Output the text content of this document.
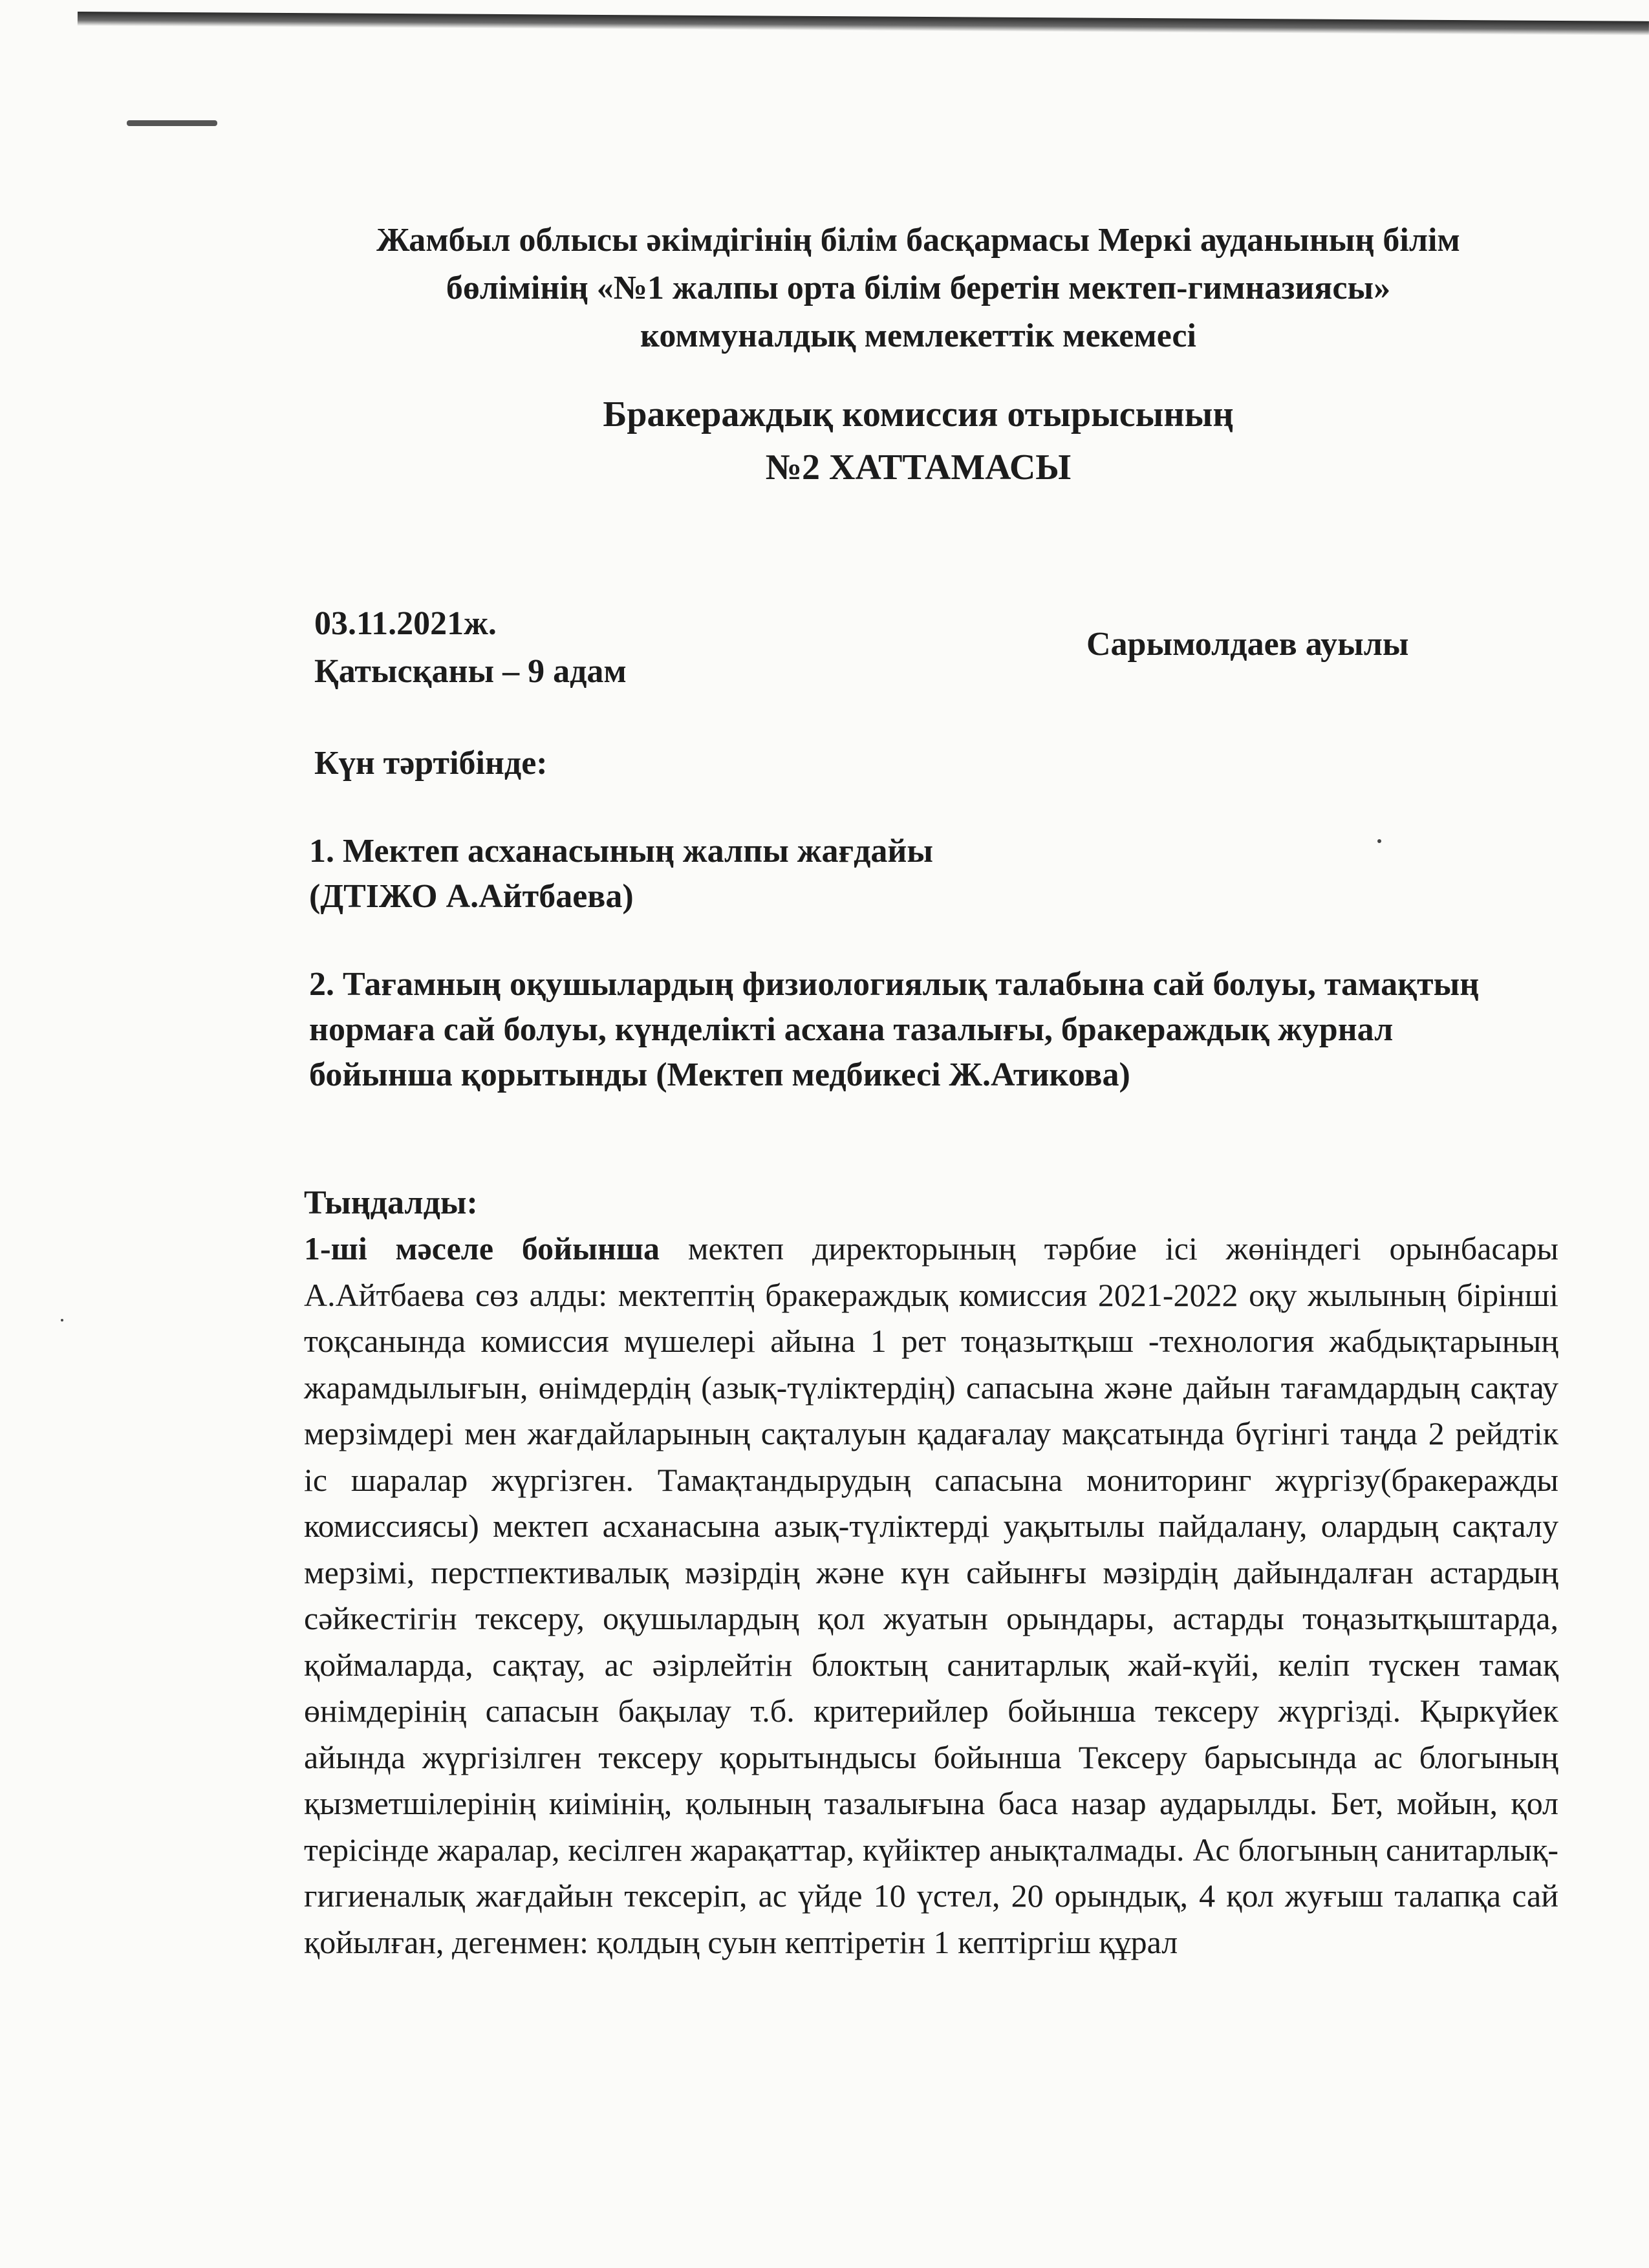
Жамбыл облысы әкімдігінің білім басқармасы Меркі ауданының білім
бөлімінің «№1 жалпы орта білім беретін мектеп-гимназиясы»
коммуналдық мемлекеттік мекемесі
Бракераждық комиссия отырысының
№2 ХАТТАМАСЫ
03.11.2021ж.
Сарымолдаев ауылы
Қатысқаны – 9 адам
Күн тәртібінде:
1. Мектеп асханасының жалпы жағдайы
(ДТІЖО А.Айтбаева)
2. Тағамның оқушылардың физиологиялық талабына сай болуы, тамақтың нормаға сай болуы, күнделікті асхана тазалығы, бракераждық журнал бойынша қорытынды (Мектеп медбикесі Ж.Атикова)
Тыңдалды:
1-ші мәселе бойынша мектеп директорының тәрбие ісі жөніндегі орынбасары А.Айтбаева сөз алды: мектептің бракераждық комиссия 2021-2022 оқу жылының бірінші тоқсанында комиссия мүшелері айына 1 рет тоңазытқыш -технология жабдықтарының жарамдылығын, өнімдердің (азық-түліктердің) сапасына және дайын тағамдардың сақтау мерзімдері мен жағдайларының сақталуын қадағалау мақсатында бүгінгі таңда 2 рейдтік іс шаралар жүргізген. Тамақтандырудың сапасына мониторинг жүргізу(бракеражды комиссиясы) мектеп асханасына азық-түліктерді уақытылы пайдалану, олардың сақталу мерзімі, перстпективалық мәзірдің және күн сайынғы мәзірдің дайындалған астардың сәйкестігін тексеру, оқушылардың қол жуатын орындары, астарды тоңазытқыштарда, қоймаларда, сақтау, ас әзірлейтін блоктың санитарлық жай-күйі, келіп түскен тамақ өнімдерінің сапасын бақылау т.б. критерийлер бойынша тексеру жүргізді. Қыркүйек айында жүргізілген тексеру қорытындысы бойынша Тексеру барысында ас блогының қызметшілерінің киімінің, қолының тазалығына баса назар аударылды. Бет, мойын, қол терісінде жаралар, кесілген жарақаттар, күйіктер анықталмады. Ас блогының санитарлық-гигиеналық жағдайын тексеріп, ас үйде 10 үстел, 20 орындық, 4 қол жуғыш талапқа сай қойылған, дегенмен: қолдың суын кептіретін 1 кептіргіш құрал
